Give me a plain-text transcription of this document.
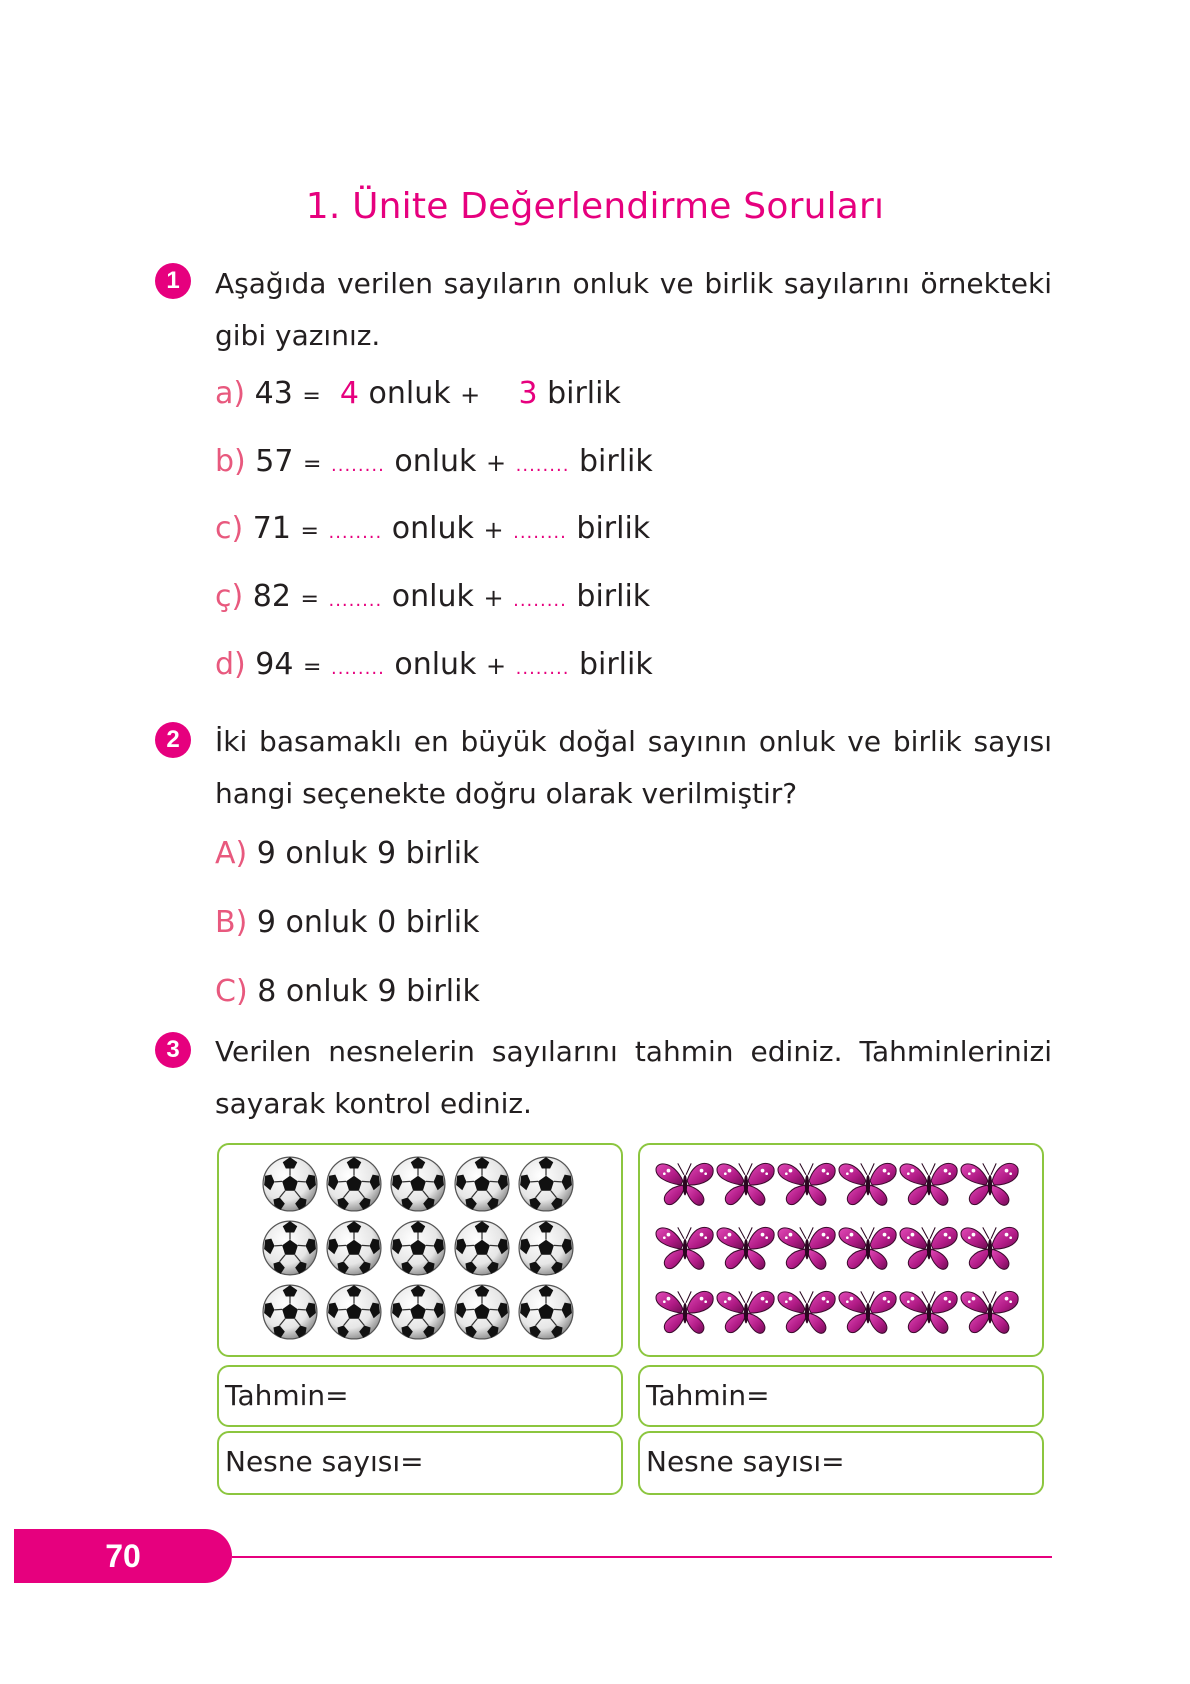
1. Ünite Değerlendirme Soruları
1	Aşağıda verilen sayıların onluk ve birlik sayılarını örnekteki gibi yazınız.
a) 43 = 4 onluk + 3 birlik
b) 57 = ........ onluk + ........ birlik
c) 71 = ........ onluk + ........ birlik
ç) 82 = ........ onluk + ........ birlik
d) 94 = ........ onluk + ........ birlik
2	İki basamaklı en büyük doğal sayının onluk ve birlik sayısı hangi seçenekte doğru olarak verilmiştir?
A) 9 onluk 9 birlik
B) 9 onluk 0 birlik
C) 8 onluk 9 birlik
3	Verilen nesnelerin sayılarını tahmin ediniz. Tahminlerinizi sayarak kontrol ediniz.
Tahmin=	Tahmin=
Nesne sayısı=	Nesne sayısı=
70
